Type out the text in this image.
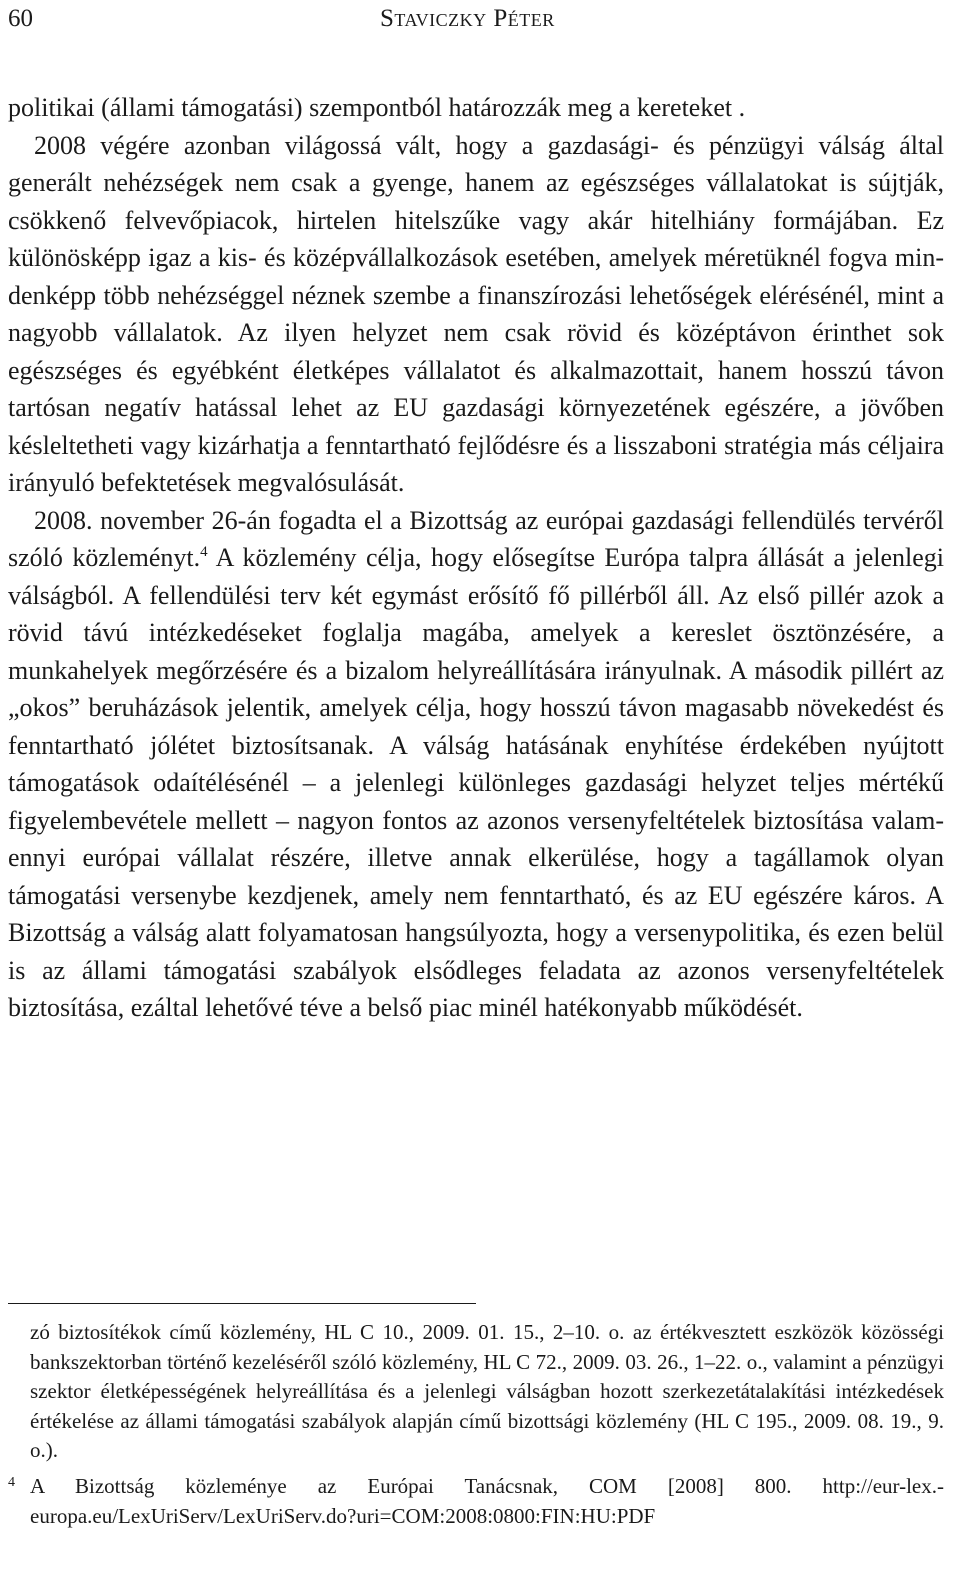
60	Staviczky Péter

politikai (állami támogatási) szempontból határozzák meg a kereteket .

2008 végére azonban világossá vált, hogy a gazdasági- és pénzügyi válság által generált nehézségek nem csak a gyenge, hanem az egészséges vállalatokat is sújtják, csökkenő felvevőpiacok, hirtelen hitelszűke vagy akár hitelhiány formájában. Ez különösképp igaz a kis- és középvállalkozások esetében, amelyek méretüknél fogva mindenképp több nehézséggel néznek szembe a finanszírozási lehetőségek elérésénél, mint a nagyobb vállalatok. Az ilyen helyzet nem csak rövid és középtávon érinthet sok egészséges és egyébként életképes vállalatot és alkalmazottait, hanem hosszú távon tartósan negatív hatással lehet az EU gazdasági környezetének egészére, a jövőben késleltetheti vagy kizárhatja a fenntartható fejlődésre és a lisszaboni stratégia más céljaira irányuló befektetések megvalósulását.

2008. november 26-án fogadta el a Bizottság az európai gazdasági fellendülés tervéről szóló közleményt.$^4$ A közlemény célja, hogy elősegítse Európa talpra állását a jelenlegi válságból. A fellendülési terv két egymást erősítő fő pillérből áll. Az első pillér azok a rövid távú intézkedéseket foglalja magába, amelyek a kereslet ösztönzésére, a munkahelyek megőrzésére és a bizalom helyreállítására irányulnak. A második pillért az „okos” beruházások jelentik, amelyek célja, hogy hosszú távon magasabb növekedést és fenntartható jólétet biztosítsanak. A válság hatásának enyhítése érdekében nyújtott támogatások odaítélésénél – a jelenlegi különleges gazdasági helyzet teljes mértékű figyelembevétele mellett – nagyon fontos az azonos versenyfeltételek biztosítása valamennyi európai vállalat részére, illetve annak elkerülése, hogy a tagállamok olyan támogatási versenybe kezdjenek, amely nem fenntartható, és az EU egészére káros. A Bizottság a válság alatt folyamatosan hangsúlyozta, hogy a versenypolitika, és ezen belül is az állami támogatási szabályok elsődleges feladata az azonos versenyfeltételek biztosítása, ezáltal lehetővé téve a belső piac minél hatékonyabb működését.

zó biztosítékok című közlemény, HL C 10., 2009. 01. 15., 2–10. o. az értékvesztett eszközök közösségi bankszektorban történő kezeléséről szóló közlemény, HL C 72., 2009. 03. 26., 1–22. o., valamint a pénzügyi szektor életképességének helyreállítása és a jelenlegi válságban hozott szerkezetátalakítási intézkedések értékelése az állami támogatási szabályok alapján című bizottsági közlemény (HL C 195., 2009. 08. 19., 9. o.).

4 A Bizottság közleménye az Európai Tanácsnak, COM [2008] 800. http://eur-lex.europa.eu/LexUriServ/LexUriServ.do?uri=COM:2008:0800:FIN:HU:PDF
